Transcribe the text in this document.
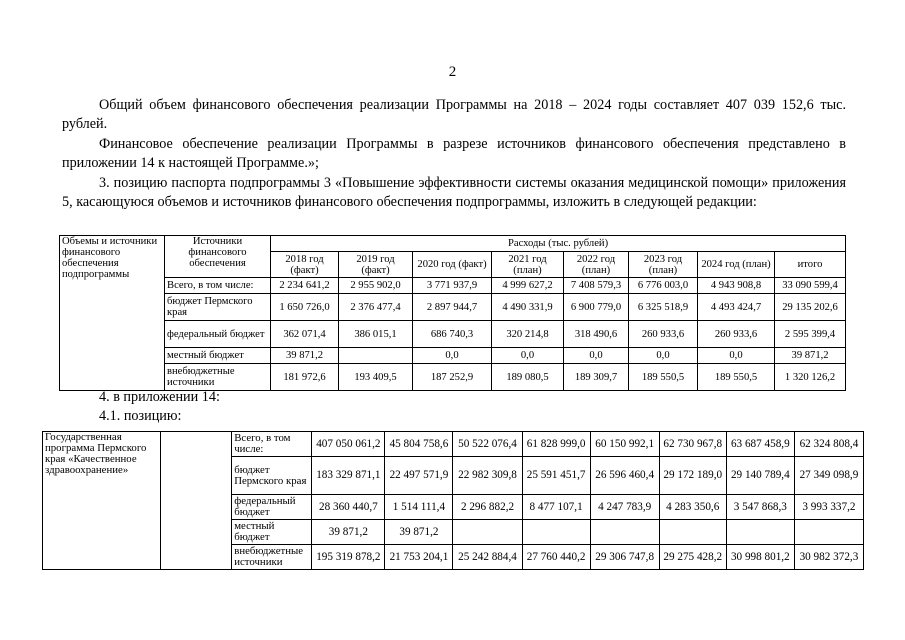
2
Общий объем финансового обеспечения реализации Программы на 2018 – 2024 годы составляет 407 039 152,6 тыс. рублей.
Финансовое обеспечение реализации Программы в разрезе источников финансового обеспечения представлено в приложении 14 к настоящей Программе.»;
3. позицию паспорта подпрограммы 3 «Повышение эффективности системы оказания медицинской помощи» приложения 5, касающуюся объемов и источников финансового обеспечения подпрограммы, изложить в следующей редакции:
Объемы и источники финансового обеспечения подпрограммы	Источники финансового обеспечения	Расходы (тыс. рублей)							
		2018 год (факт)	2019 год (факт)	2020 год (факт)	2021 год (план)	2022 год (план)	2023 год (план)	2024 год (план)	итого
	Всего, в том числе:	2 234 641,2	2 955 902,0	3 771 937,9	4 999 627,2	7 408 579,3	6 776 003,0	4 943 908,8	33 090 599,4
	бюджет Пермского края	1 650 726,0	2 376 477,4	2 897 944,7	4 490 331,9	6 900 779,0	6 325 518,9	4 493 424,7	29 135 202,6
	федеральный бюджет	362 071,4	386 015,1	686 740,3	320 214,8	318 490,6	260 933,6	260 933,6	2 595 399,4
	местный бюджет	39 871,2		0,0	0,0	0,0	0,0	0,0	39 871,2
	внебюджетные источники	181 972,6	193 409,5	187 252,9	189 080,5	189 309,7	189 550,5	189 550,5	1 320 126,2
4. в приложении 14:
4.1. позицию:
Государственная программа Пермского края «Качественное здравоохранение»		Всего, в том числе:	407 050 061,2	45 804 758,6	50 522 076,4	61 828 999,0	60 150 992,1	62 730 967,8	63 687 458,9	62 324 808,4
		бюджет Пермского края	183 329 871,1	22 497 571,9	22 982 309,8	25 591 451,7	26 596 460,4	29 172 189,0	29 140 789,4	27 349 098,9
		федеральный бюджет	28 360 440,7	1 514 111,4	2 296 882,2	8 477 107,1	4 247 783,9	4 283 350,6	3 547 868,3	3 993 337,2
		местный бюджет	39 871,2	39 871,2						
		внебюджетные источники	195 319 878,2	21 753 204,1	25 242 884,4	27 760 440,2	29 306 747,8	29 275 428,2	30 998 801,2	30 982 372,3
